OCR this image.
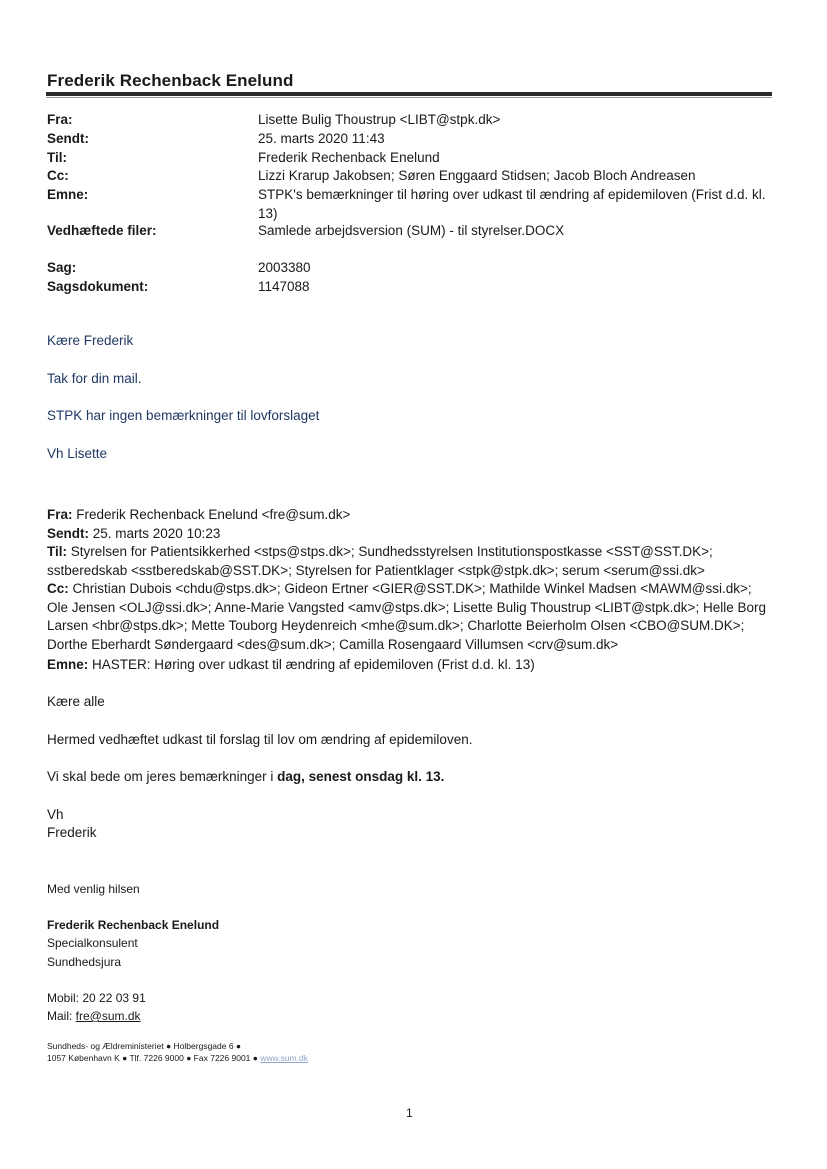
Frederik Rechenback Enelund
Fra:	Lisette Bulig Thoustrup <LIBT@stpk.dk>
Sendt:	25. marts 2020 11:43
Til:	Frederik Rechenback Enelund
Cc:	Lizzi Krarup Jakobsen; Søren Enggaard Stidsen; Jacob Bloch Andreasen
Emne:	STPK's bemærkninger til høring over udkast til ændring af epidemiloven (Frist d.d. kl. 13)
Vedhæftede filer:	Samlede arbejdsversion (SUM) - til styrelser.DOCX
Sag:	2003380
Sagsdokument:	1147088
Kære Frederik
Tak for din mail.
STPK har ingen bemærkninger til lovforslaget
Vh Lisette
Fra: Frederik Rechenback Enelund <fre@sum.dk>
Sendt: 25. marts 2020 10:23
Til: Styrelsen for Patientsikkerhed <stps@stps.dk>; Sundhedsstyrelsen Institutionspostkasse <SST@SST.DK>; sstberedskab <sstberedskab@SST.DK>; Styrelsen for Patientklager <stpk@stpk.dk>; serum <serum@ssi.dk>
Cc: Christian Dubois <chdu@stps.dk>; Gideon Ertner <GIER@SST.DK>; Mathilde Winkel Madsen <MAWM@ssi.dk>; Ole Jensen <OLJ@ssi.dk>; Anne-Marie Vangsted <amv@stps.dk>; Lisette Bulig Thoustrup <LIBT@stpk.dk>; Helle Borg Larsen <hbr@stps.dk>; Mette Touborg Heydenreich <mhe@sum.dk>; Charlotte Beierholm Olsen <CBO@SUM.DK>; Dorthe Eberhardt Søndergaard <des@sum.dk>; Camilla Rosengaard Villumsen <crv@sum.dk>
Emne: HASTER: Høring over udkast til ændring af epidemiloven (Frist d.d. kl. 13)
Kære alle
Hermed vedhæftet udkast til forslag til lov om ændring af epidemiloven.
Vi skal bede om jeres bemærkninger i dag, senest onsdag kl. 13.
Vh
Frederik
Med venlig hilsen
Frederik Rechenback Enelund
Specialkonsulent
Sundhedsjura
Mobil: 20 22 03 91
Mail: fre@sum.dk
Sundheds- og Ældreministeriet ● Holbergsgade 6 ●
1057 København K ● Tlf. 7226 9000 ● Fax 7226 9001 ● www.sum.dk
1
